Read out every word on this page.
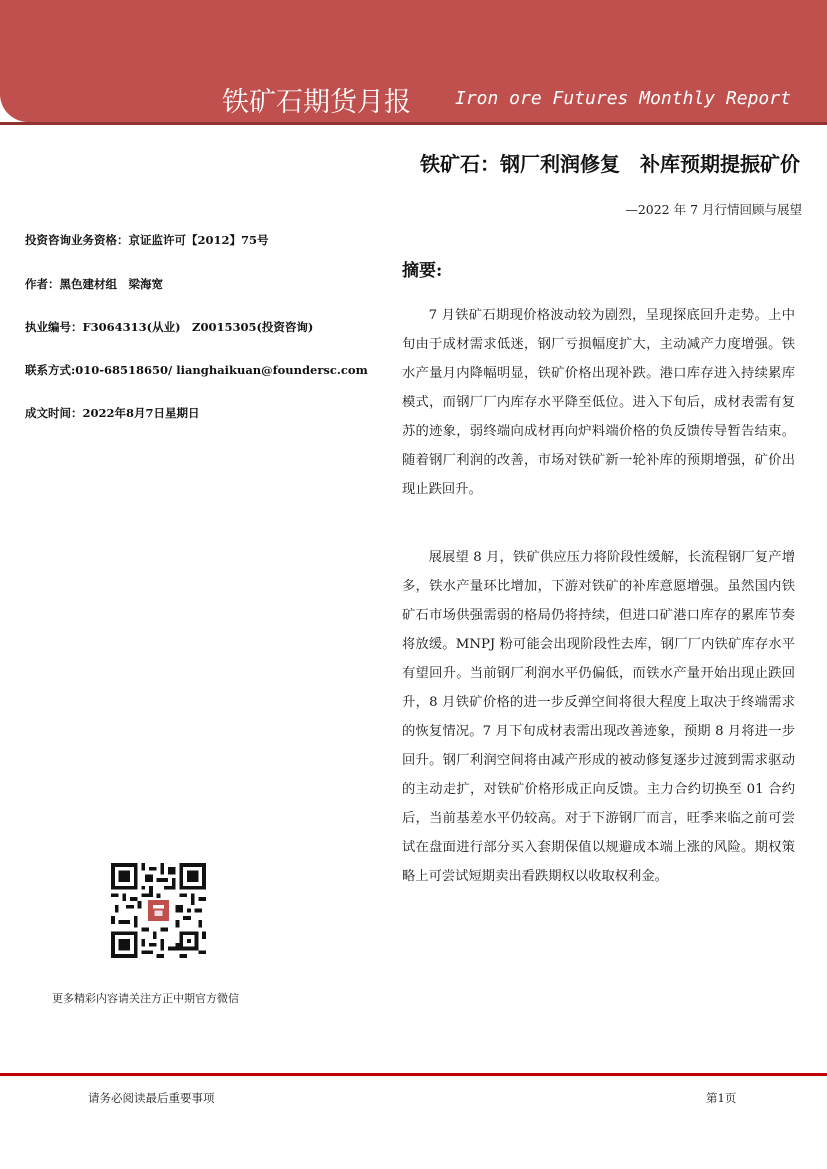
铁矿石期货月报 Iron ore Futures Monthly Report
铁矿石：钢厂利润修复　补库预期提振矿价
—2022 年 7 月行情回顾与展望
投资咨询业务资格：京证监许可【2012】75号
作者：黑色建材组　梁海宽
执业编号：F3064313(从业)　Z0015305(投资咨询)
联系方式:010-68518650/ lianghaikuan@foundersc.com
成文时间：2022年8月7日星期日
摘要:

7 月铁矿石期现价格波动较为剧烈，呈现探底回升走势。上中旬由于成材需求低迷，钢厂亏损幅度扩大，主动减产力度增强。铁水产量月内降幅明显，铁矿价格出现补跌。港口库存进入持续累库模式，而钢厂厂内库存水平降至低位。进入下旬后，成材表需有复苏的迹象，弱终端向成材再向炉料端价格的负反馈传导暂告结束。随着钢厂利润的改善，市场对铁矿新一轮补库的预期增强，矿价出现止跌回升。

展展望 8 月，铁矿供应压力将阶段性缓解，长流程钢厂复产增多，铁水产量环比增加，下游对铁矿的补库意愿增强。虽然国内铁矿石市场供强需弱的格局仍将持续，但进口矿港口库存的累库节奏将放缓。MNPJ 粉可能会出现阶段性去库，钢厂厂内铁矿库存水平有望回升。当前钢厂利润水平仍偏低，而铁水产量开始出现止跌回升，8 月铁矿价格的进一步反弹空间将很大程度上取决于终端需求的恢复情况。7 月下旬成材表需出现改善迹象，预期 8 月将进一步回升。钢厂利润空间将由减产形成的被动修复逐步过渡到需求驱动的主动走扩，对铁矿价格形成正向反馈。主力合约切换至 01 合约后，当前基差水平仍较高。对于下游钢厂而言，旺季来临之前可尝试在盘面进行部分买入套期保值以规避成本端上涨的风险。期权策略上可尝试短期卖出看跌期权以收取权利金。

更多精彩内容请关注方正中期官方微信
请务必阅读最后重要事项	第1页
